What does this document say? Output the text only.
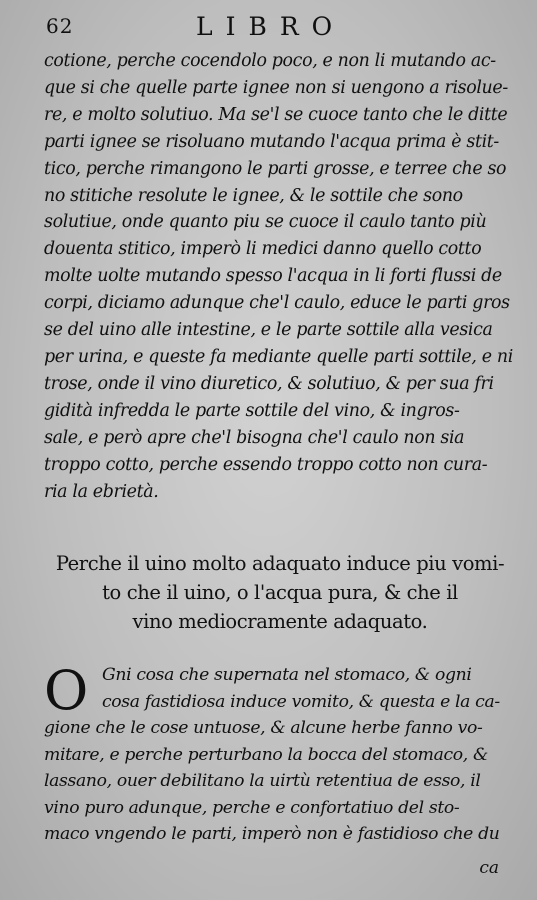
62	LIBRO
cotione, perche cocendolo poco, e non li mutando ac-
que si che quelle parte ignee non si uengono a risolue-
re, e molto solutiuo. Ma se'l se cuoce tanto che le ditte
parti ignee se risoluano mutando l'acqua prima è stit-
tico, perche rimangono le parti grosse, e terree che so
no stitiche resolute le ignee, & le sottile che sono
solutiue, onde quanto piu se cuoce il caulo tanto più
douenta stitico, imperò li medici danno quello cotto
molte uolte mutando spesso l'acqua in li forti flussi de
corpi, diciamo adunque che'l caulo, educe le parti gros
se del uino alle intestine, e le parte sottile alla vesica
per urina, e queste fa mediante quelle parti sottile, e ni
trose, onde il vino diuretico, & solutiuo, & per sua fri
gidità infredda le parte sottile del vino, & ingros-
sale, e però apre che'l bisogna che'l caulo non sia
troppo cotto, perche essendo troppo cotto non cura-
ria la ebrietà.
Perche il uino molto adaquato induce piu vomi-
to che il uino, o l'acqua pura, & che il
vino mediocramente adaquato.
O Gni cosa che supernata nel stomaco, & ogni
cosa fastidiosa induce vomito, & questa e la ca-
gione che le cose untuose, & alcune herbe fanno vo-
mitare, e perche perturbano la bocca del stomaco, &
lassano, ouer debilitano la uirtù retentiua de esso, il
vino puro adunque, perche e confortatiuo del sto-
maco vngendo le parti, imperò non è fastidioso che du
ca
